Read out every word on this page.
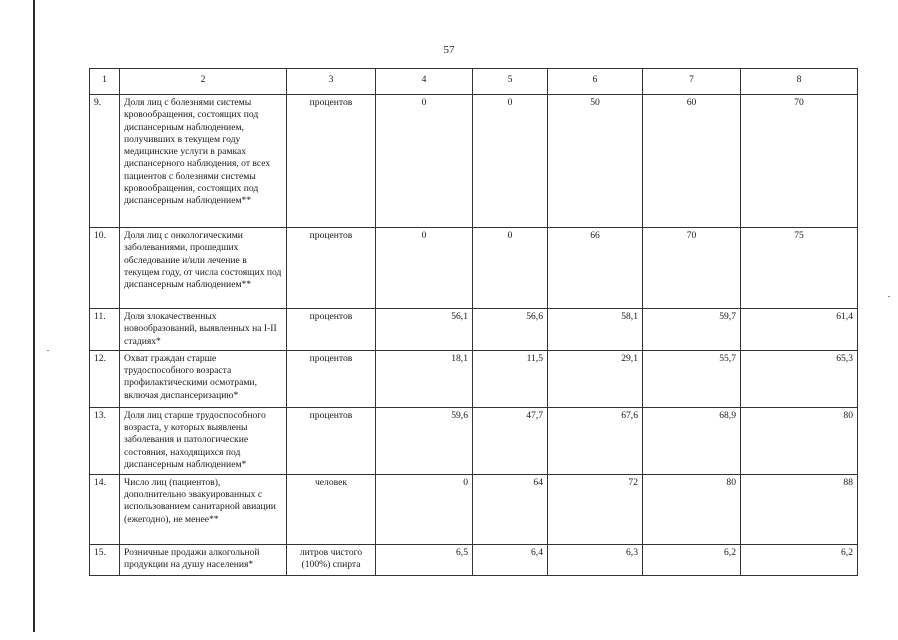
57
1	2	3	4	5	6	7	8
9.	Доля лиц с болезнями системы кровообращения, состоящих под диспансерным наблюдением, получивших в текущем году медицинские услуги в рамках диспансерного наблюдения, от всех пациентов с болезнями системы кровообращения, состоящих под диспансерным наблюдением**	процентов	0	0	50	60	70
10.	Доля лиц с онкологическими заболеваниями, прошедших обследование и/или лечение в текущем году, от числа состоящих под диспансерным наблюдением**	процентов	0	0	66	70	75
11.	Доля злокачественных новообразований, выявленных на I-II стадиях*	процентов	56,1	56,6	58,1	59,7	61,4
12.	Охват граждан старше трудоспособного возраста профилактическими осмотрами, включая диспансеризацию*	процентов	18,1	11,5	29,1	55,7	65,3
13.	Доля лиц старше трудоспособного возраста, у которых выявлены заболевания и патологические состояния, находящихся под диспансерным наблюдением*	процентов	59,6	47,7	67,6	68,9	80
14.	Число лиц (пациентов), дополнительно эвакуированных с использованием санитарной авиации (ежегодно), не менее**	человек	0	64	72	80	88
15.	Розничные продажи алкогольной продукции на душу населения*	литров чистого (100%) спирта	6,5	6,4	6,3	6,2	6,2
